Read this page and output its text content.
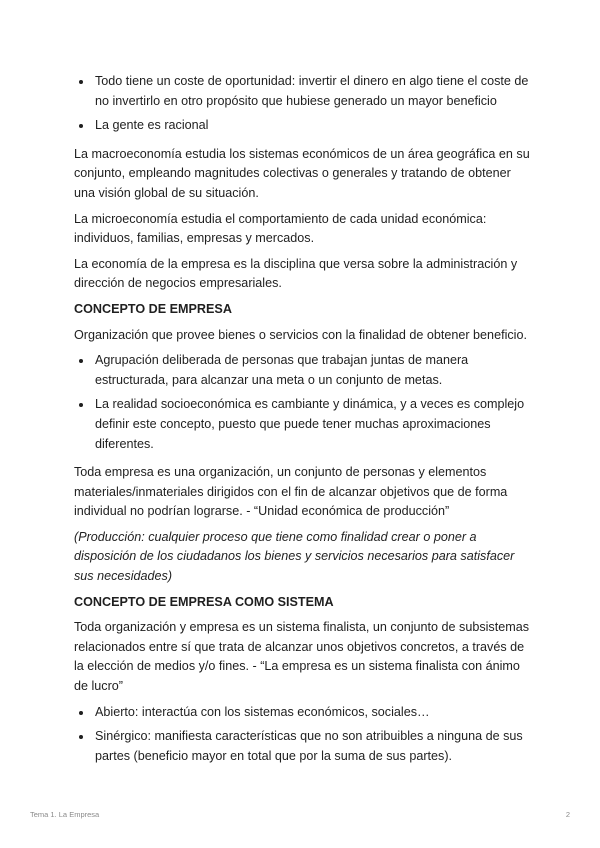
Todo tiene un coste de oportunidad: invertir el dinero en algo tiene el coste de no invertirlo en otro propósito que hubiese generado un mayor beneficio
La gente es racional

La macroeconomía estudia los sistemas económicos de un área geográfica en su conjunto, empleando magnitudes colectivas o generales y tratando de obtener una visión global de su situación.

La microeconomía estudia el comportamiento de cada unidad económica: individuos, familias, empresas y mercados.

La economía de la empresa es la disciplina que versa sobre la administración y dirección de negocios empresariales.

CONCEPTO DE EMPRESA

Organización que provee bienes o servicios con la finalidad de obtener beneficio.

Agrupación deliberada de personas que trabajan juntas de manera estructurada, para alcanzar una meta o un conjunto de metas.
La realidad socioeconómica es cambiante y dinámica, y a veces es complejo definir este concepto, puesto que puede tener muchas aproximaciones diferentes.

Toda empresa es una organización, un conjunto de personas y elementos materiales/inmateriales dirigidos con el fin de alcanzar objetivos que de forma individual no podrían lograrse. - “Unidad económica de producción”

(Producción: cualquier proceso que tiene como finalidad crear o poner a disposición de los ciudadanos los bienes y servicios necesarios para satisfacer sus necesidades)

CONCEPTO DE EMPRESA COMO SISTEMA

Toda organización y empresa es un sistema finalista, un conjunto de subsistemas relacionados entre sí que trata de alcanzar unos objetivos concretos, a través de la elección de medios y/o fines. - “La empresa es un sistema finalista con ánimo de lucro”

Abierto: interactúa con los sistemas económicos, sociales…
Sinérgico: manifiesta características que no son atribuibles a ninguna de sus partes (beneficio mayor en total que por la suma de sus partes).
Tema 1. La Empresa	2
